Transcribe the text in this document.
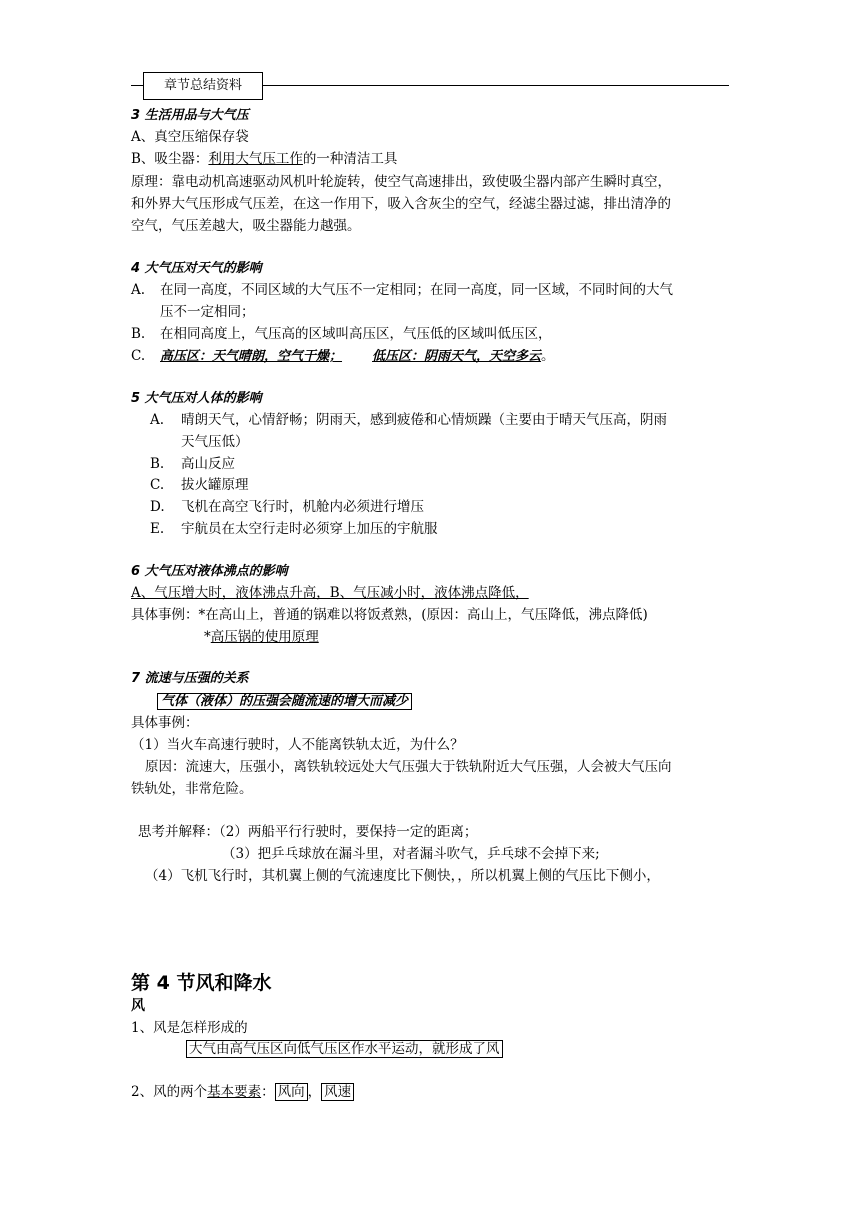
章节总结资料
3 生活用品与大气压
A、真空压缩保存袋
B、吸尘器：利用大气压工作的一种清洁工具
原理：靠电动机高速驱动风机叶轮旋转，使空气高速排出，致使吸尘器内部产生瞬时真空，
和外界大气压形成气压差，在这一作用下，吸入含灰尘的空气，经滤尘器过滤，排出清净的
空气，气压差越大，吸尘器能力越强。
4 大气压对天气的影响
A. 在同一高度，不同区域的大气压不一定相同；在同一高度，同一区域，不同时间的大气
压不一定相同；
B. 在相同高度上，气压高的区域叫高压区，气压低的区域叫低压区，
C. 高压区：天气晴朗，空气干燥； 低压区：阴雨天气，天空多云。
5 大气压对人体的影响
A. 晴朗天气，心情舒畅；阴雨天，感到疲倦和心情烦躁（主要由于晴天气压高，阴雨
天气压低）
B. 高山反应
C. 拔火罐原理
D. 飞机在高空飞行时，机舱内必须进行增压
E. 宇航员在太空行走时必须穿上加压的宇航服
6 大气压对液体沸点的影响
A、气压增大时，液体沸点升高，B、气压减小时，液体沸点降低，
具体事例：*在高山上，普通的锅难以将饭煮熟，(原因：高山上，气压降低，沸点降低)
*高压锅的使用原理
7 流速与压强的关系
气体（液体）的压强会随流速的增大而减少
具体事例：
（1）当火车高速行驶时，人不能离铁轨太近，为什么？
原因：流速大，压强小，离铁轨较远处大气压强大于铁轨附近大气压强，人会被大气压向
铁轨处，非常危险。
思考并解释：（2）两船平行行驶时，要保持一定的距离；
（3）把乒乓球放在漏斗里，对者漏斗吹气，乒乓球不会掉下来;
（4）飞机飞行时，其机翼上侧的气流速度比下侧快，，所以机翼上侧的气压比下侧小，
第 4 节风和降水
风
1、风是怎样形成的
大气由高气压区向低气压区作水平运动，就形成了风
2、风的两个基本要素： 风向 ， 风速
